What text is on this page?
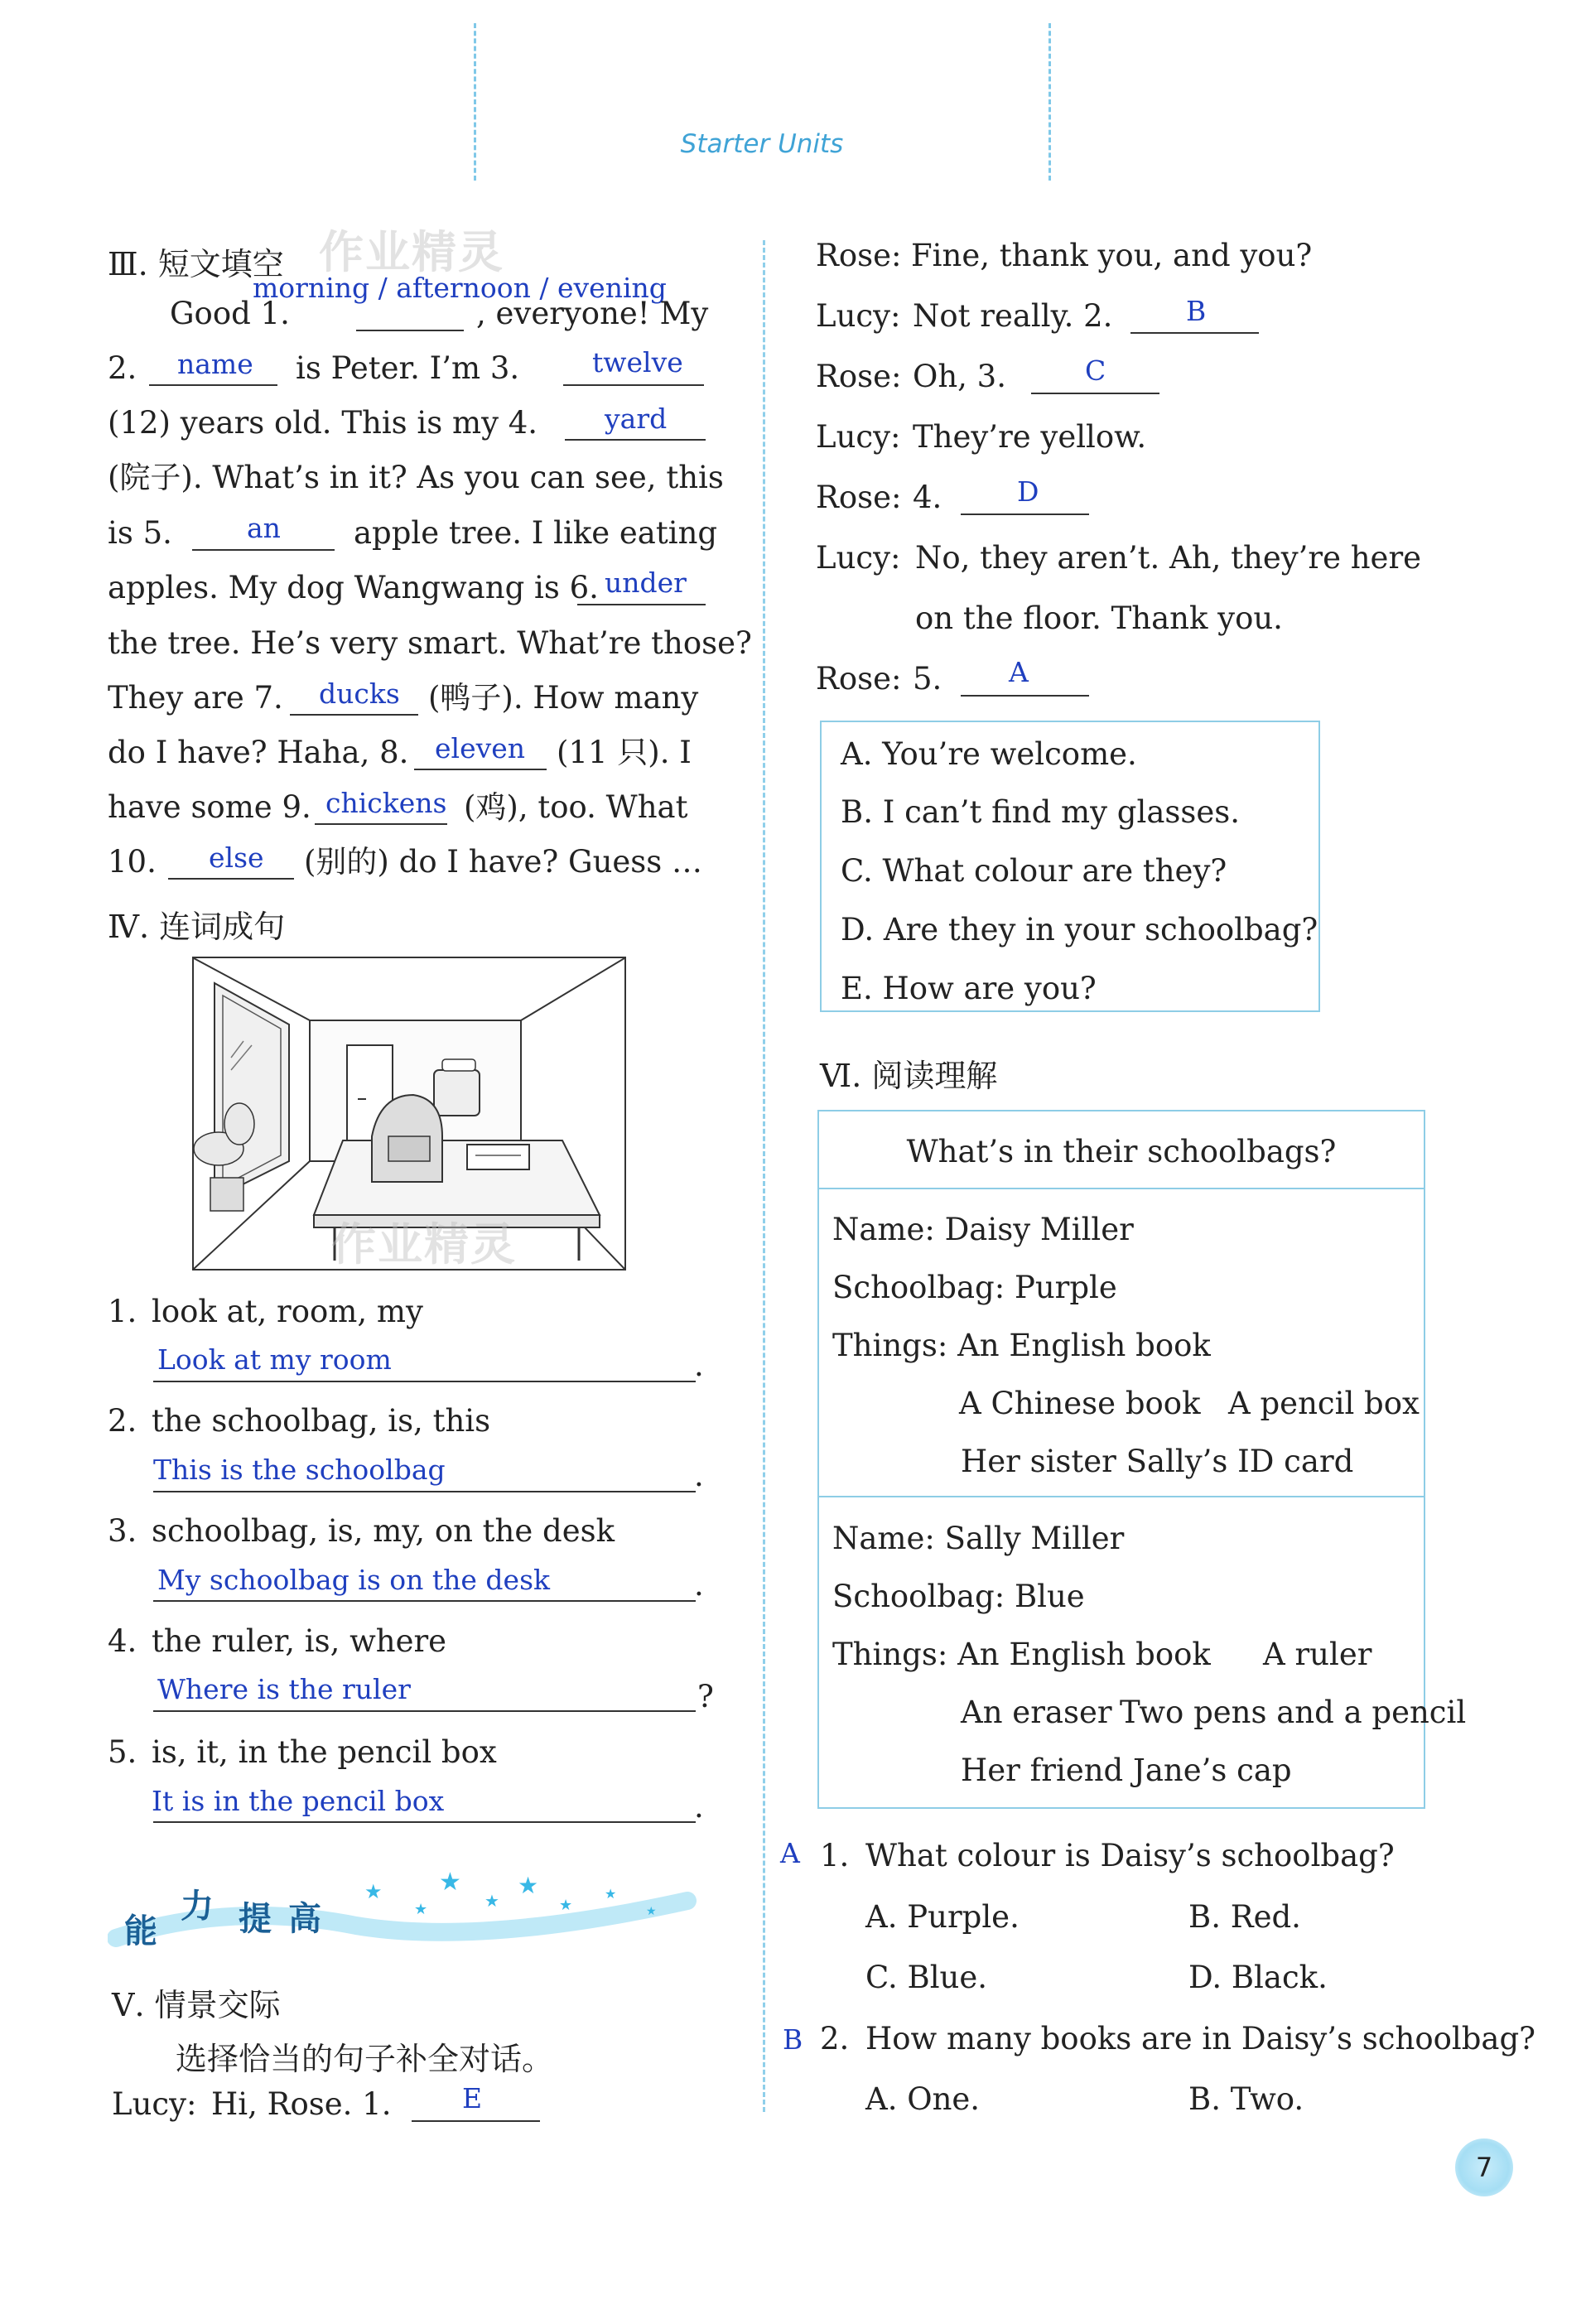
Starter Units
Ⅲ. 短文填空 作业精灵
morning / afternoon / evening
Good 1.	, everyone! My
2. name is Peter. I’m 3.	twelve
(12) years old. This is my 4. yard
(院子). What’s in it? As you can see, this
is 5.	an apple tree. I like eating
apples. My dog Wangwang is 6. under
the tree. He’s very smart. What’re those?
They are 7. ducks (鸭子). How many
do I have? Haha, 8. eleven (11 只). I
have some 9. chickens (鸡), too. What
10. else (别的) do I have? Guess …
Ⅳ. 连词成句
作业精灵
1. look at, room, my
Look at my room	.
2. the schoolbag, is, this
This is the schoolbag	.
3. schoolbag, is, my, on the desk
My schoolbag is on the desk	.
4. the ruler, is, where
Where is the ruler	?
5. is, it, in the pencil box
It is in the pencil box	.
能
力 提 高
★
★
★
★
★
★
★
★
Ⅴ. 情景交际
选择恰当的句子补全对话。
Lucy: Hi, Rose. 1.	E
Rose: Fine, thank you, and you?
Lucy: Not really. 2.	B
Rose: Oh, 3.	C
Lucy: They’re yellow.
Rose: 4.	D
Lucy: No, they aren’t. Ah, they’re here
on the floor. Thank you.
Rose: 5. A
A. You’re welcome.
B. I can’t find my glasses.
C. What colour are they?
D. Are they in your schoolbag?
E. How are you?
Ⅵ. 阅读理解
What’s in their schoolbags?
Name: Daisy Miller
Schoolbag: Purple
Things: An English book
A Chinese book A pencil box
Her sister Sally’s ID card
Name: Sally Miller
Schoolbag: Blue
Things: An English book A ruler
An eraser Two pens and a pencil
Her friend Jane’s cap
A 1. What colour is Daisy’s schoolbag?
A. Purple.	B. Red.
C. Blue.	D. Black.
B 2. How many books are in Daisy’s schoolbag?
A. One.	B. Two.
7
